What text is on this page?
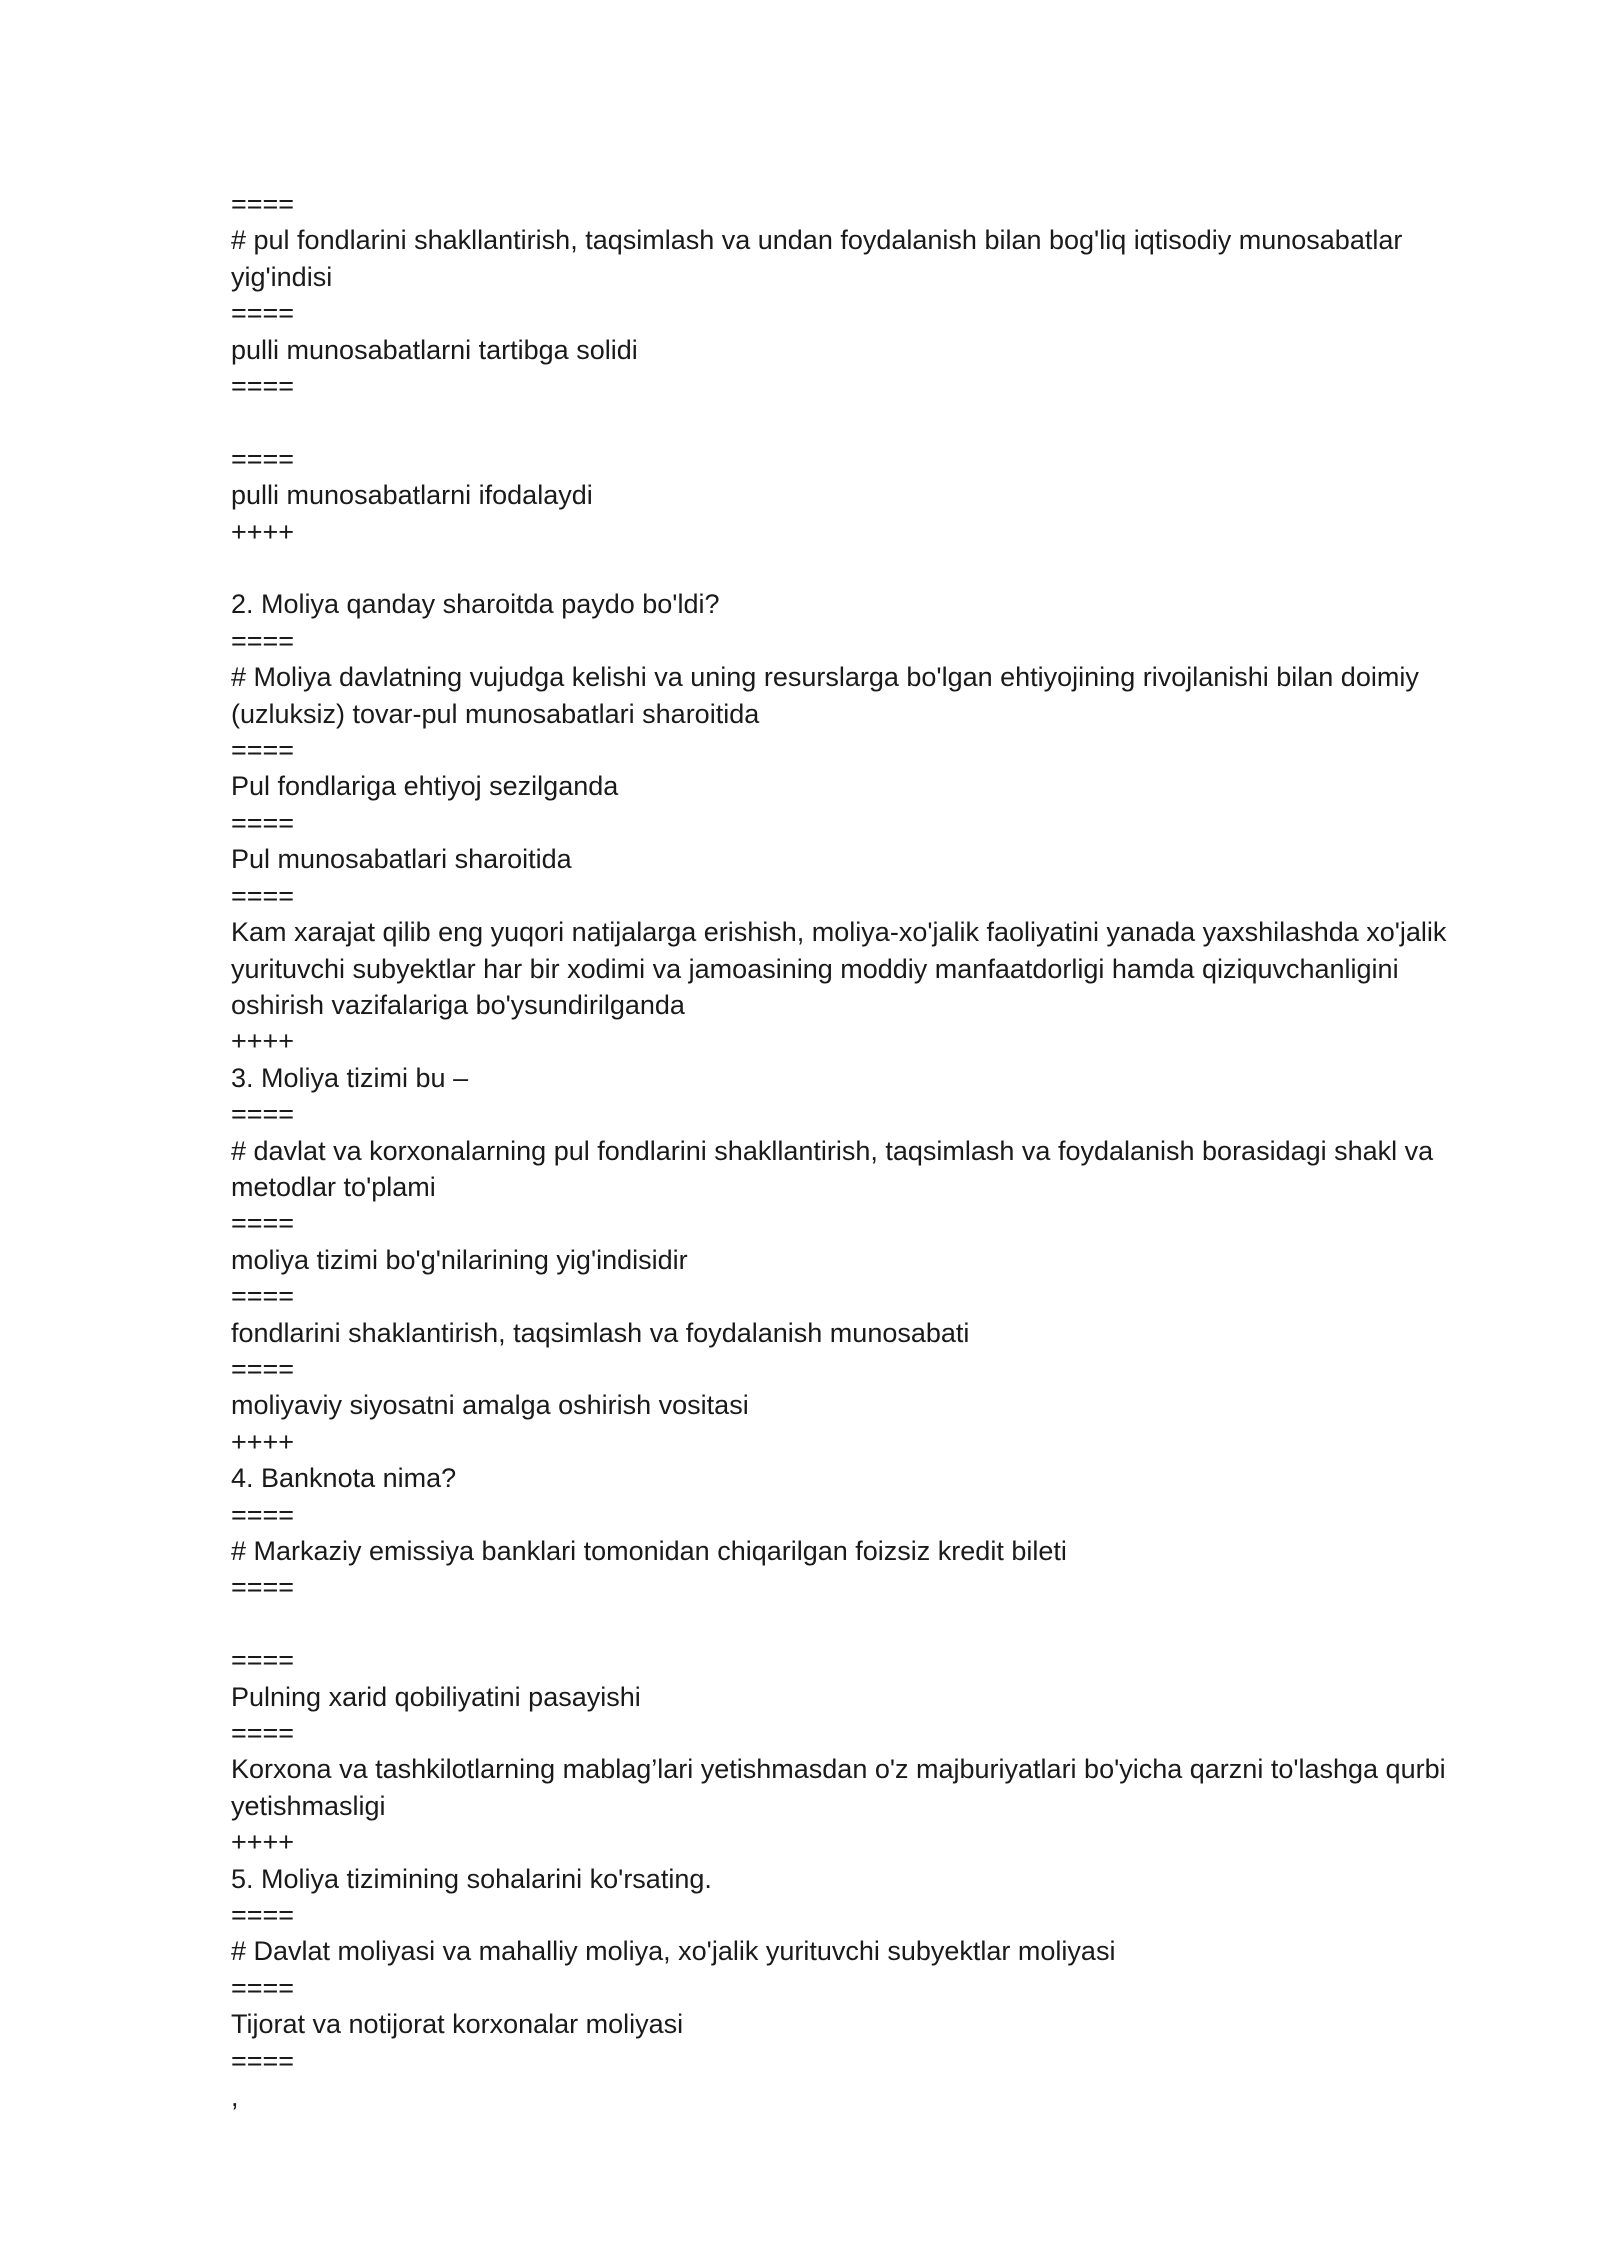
====
# pul fondlarini shakllantirish, taqsimlash va undan foydalanish bilan bog'liq iqtisodiy munosabatlar yig'indisi
====
pulli munosabatlarni tartibga solidi
====
====
pulli munosabatlarni ifodalaydi
++++
2. Moliya qanday sharoitda paydo bo'ldi?
====
# Moliya davlatning vujudga kelishi va uning resurslarga bo'lgan ehtiyojining rivojlanishi bilan doimiy (uzluksiz) tovar-pul munosabatlari sharoitida
====
Pul fondlariga ehtiyoj sezilganda
====
Pul munosabatlari sharoitida
====
Kam xarajat qilib eng yuqori natijalarga erishish, moliya-xo'jalik faoliyatini yanada yaxshilashda xo'jalik yurituvchi subyektlar har bir xodimi va jamoasining moddiy manfaatdorligi hamda qiziquvchanligini oshirish vazifalariga bo'ysundirilganda
++++
3. Moliya tizimi bu –
====
# davlat va korxonalarning pul fondlarini shakllantirish, taqsimlash va foydalanish borasidagi shakl va metodlar to'plami
====
moliya tizimi bo'g'nilarining yig'indisidir
====
fondlarini shaklantirish, taqsimlash va foydalanish munosabati
====
moliyaviy siyosatni amalga oshirish vositasi
++++
4. Banknota nima?
====
# Markaziy emissiya banklari tomonidan chiqarilgan foizsiz kredit bileti
====
====
Pulning xarid qobiliyatini pasayishi
====
Korxona va tashkilotlarning mablag’lari yetishmasdan o'z majburiyatlari bo'yicha qarzni to'lashga qurbi yetishmasligi
++++
5. Moliya tizimining sohalarini ko'rsating.
====
# Davlat moliyasi va mahalliy moliya, xo'jalik yurituvchi subyektlar moliyasi
====
Tijorat va notijorat korxonalar moliyasi
====
,
